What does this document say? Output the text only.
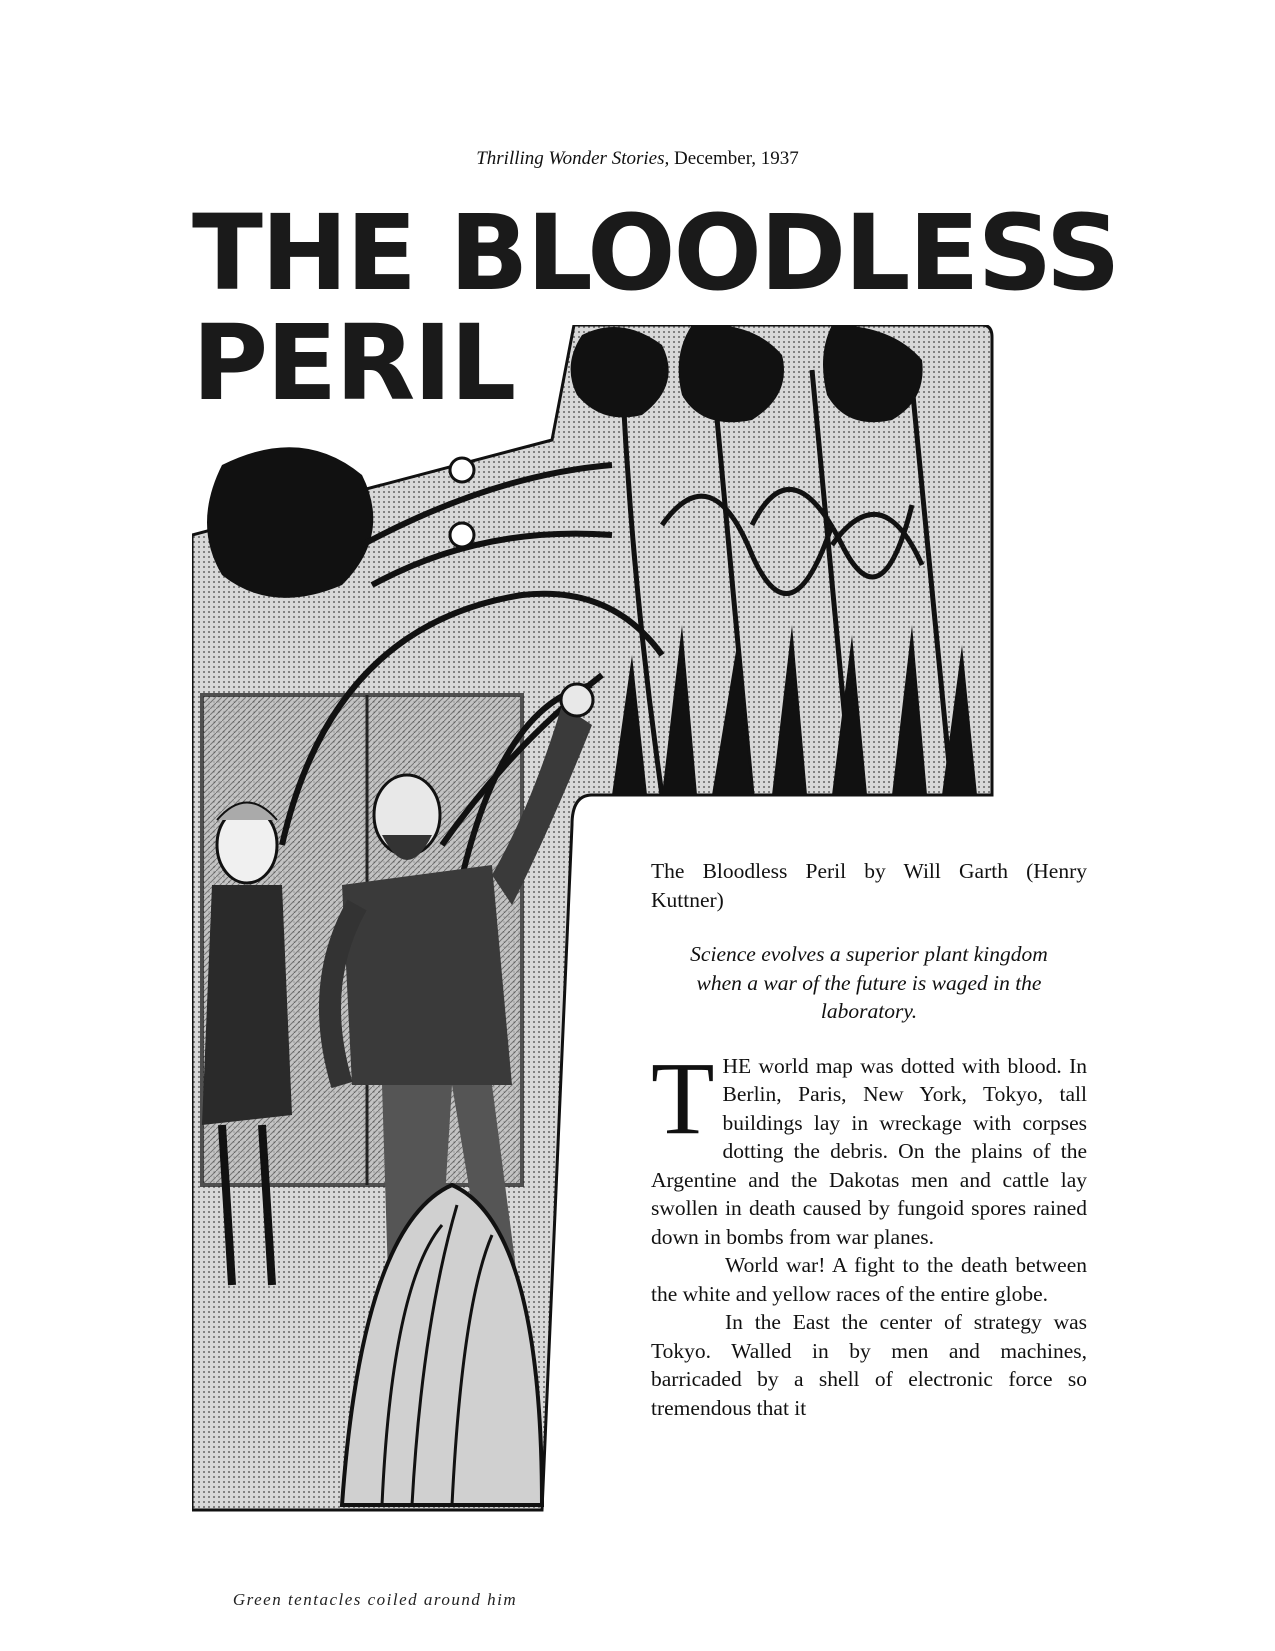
Thrilling Wonder Stories, December, 1937
THE BLOODLESS
PERIL
Green tentacles coiled around him

The Bloodless Peril by Will Garth (Henry Kuttner)

Science evolves a superior plant kingdom when a war of the future is waged in the laboratory.

THE world map was dotted with blood. In Berlin, Paris, New York, Tokyo, tall buildings lay in wreckage with corpses dotting the debris. On the plains of the Argentine and the Dakotas men and cattle lay swollen in death caused by fungoid spores rained down in bombs from war planes.

World war! A fight to the death between the white and yellow races of the entire globe.

In the East the center of strategy was Tokyo. Walled in by men and machines, barricaded by a shell of electronic force so tremendous that it
